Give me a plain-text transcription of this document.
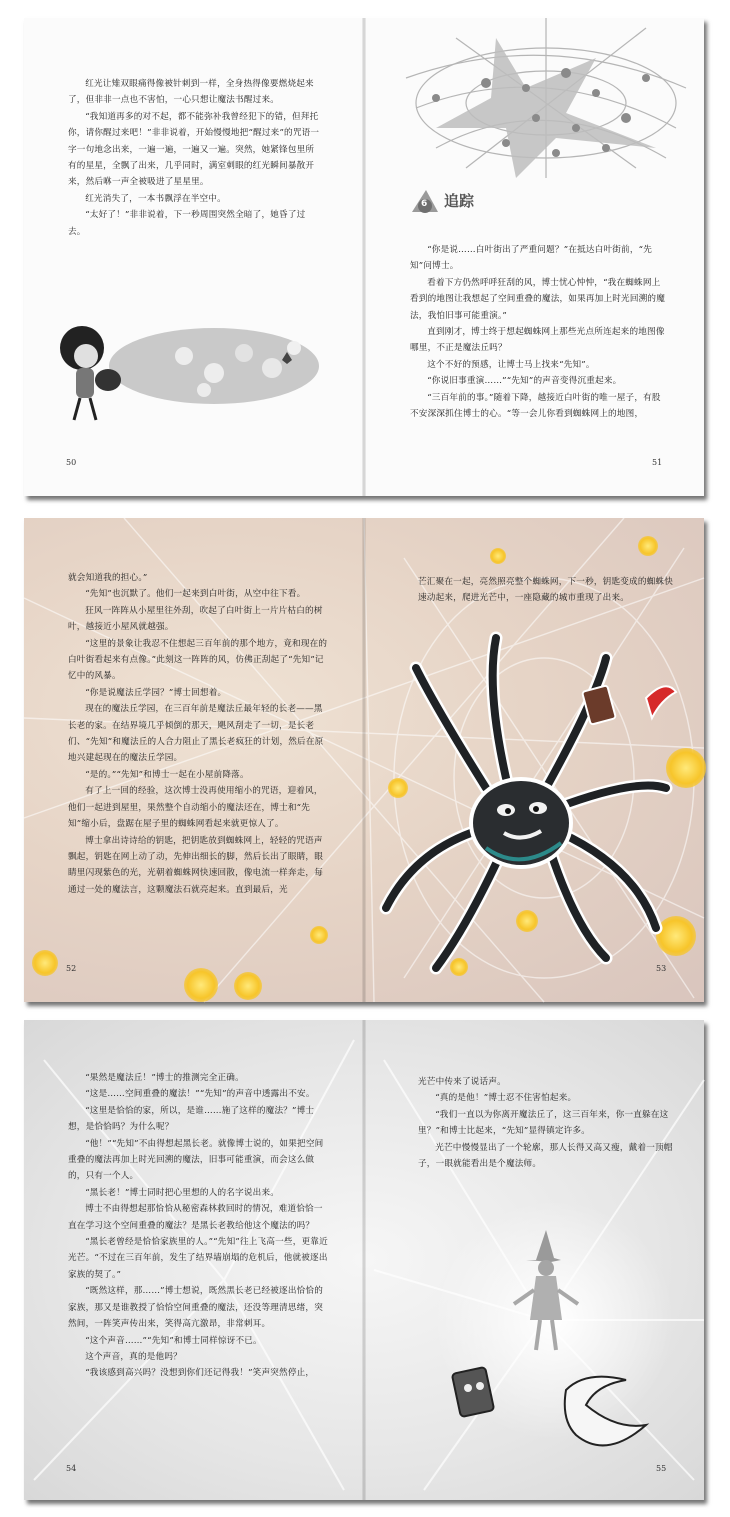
红光让雉双眼痛得像被针刺到一样，全身热得像要燃烧起来了，但非非一点也不害怕，一心只想让魔法书醒过来。

“我知道再多的对不起，都不能弥补我曾经犯下的错，但拜托你，请你醒过来吧！”非非说着，开始慢慢地把“醒过来”的咒语一字一句地念出来，一遍一遍，一遍又一遍。突然，她紧锋包里所有的星星，全飘了出来，几乎同时，满室刺眼的红光瞬间暴散开来，然后咻一声全被吸进了星星里。

红光消失了，一本书飘浮在半空中。

“太好了！”非非说着，下一秒周围突然全暗了，她昏了过去。

50
6 追踪

“你是说……白叶街出了严重问题？”在抵达白叶街前，“先知”问博士。

看着下方仍然呼呼狂刮的风，博士忧心忡忡，“我在蜘蛛网上看到的地图让我想起了空间重叠的魔法，如果再加上时光回溯的魔法，我怕旧事可能重演。”

直到刚才，博士终于想起蜘蛛网上那些光点所连起来的地图像哪里，不正是魔法丘吗？

这个不好的预感，让博士马上找来“先知”。

“你说旧事重演……”“先知”的声音变得沉重起来。

“三百年前的事。”随着下降，越接近白叶街的唯一屋子，有股不安深深抓住博士的心。“等一会儿你看到蜘蛛网上的地图，

51

就会知道我的担心。”

“先知”也沉默了。他们一起来到白叶街，从空中往下看。

狂风一阵阵从小屋里往外刮，吹起了白叶街上一片片枯白的树叶，越接近小屋风就越强。

“这里的景象让我忍不住想起三百年前的那个地方，竟和现在的白叶街看起来有点像。”此刻这一阵阵的风，仿佛正刮起了“先知”记忆中的风暴。

“你是说魔法丘学园？”博士回想着。

现在的魔法丘学园，在三百年前是魔法丘最年轻的长老——黑长老的家。在结界境几乎倾倒的那天，飓风刮走了一切，是长老们、“先知”和魔法丘的人合力阻止了黑长老疯狂的计划，然后在原地兴建起现在的魔法丘学园。

“是的。”“先知”和博士一起在小屋前降落。

有了上一回的经验，这次博士没再使用缩小的咒语，迎着风，他们一起进到屋里，果然整个自动缩小的魔法还在，博士和“先知”缩小后，盘踞在屋子里的蜘蛛网看起来就更惊人了。

博士拿出诗诗给的钥匙，把钥匙放到蜘蛛网上，轻轻的咒语声飘起，钥匙在网上动了动，先伸出细长的脚，然后长出了眼睛，眼睛里闪现紫色的光，光朝着蜘蛛网快速回散，像电流一样奔走，每通过一处的魔法言，这颗魔法石就亮起来。直到最后，光

52

芒汇聚在一起，亮然照亮整个蜘蛛网，下一秒，钥匙变成的蜘蛛快速动起来，爬进光芒中，一座隐藏的城市重现了出来。

53

“果然是魔法丘！”博士的推测完全正确。

“这是……空间重叠的魔法！”“先知”的声音中透露出不安。

“这里是恰恰的家，所以，是谁……施了这样的魔法？”博士想，是恰恰吗？为什么呢？

“他！”“先知”不由得想起黑长老。就像博士说的，如果把空间重叠的魔法再加上时光回溯的魔法，旧事可能重演，而会这么做的，只有一个人。

“黑长老！”博士同时把心里想的人的名字说出来。

博士不由得想起那恰恰从秘密森林救回时的情况，难道恰恰一直在学习这个空间重叠的魔法？是黑长老教给他这个魔法的吗？

“黑长老曾经是恰恰家族里的人。”“先知”往上飞高一些，更靠近光芒。“不过在三百年前，发生了结界墙崩塌的危机后，他就被逐出家族的契了。”

“既然这样，那……”博士想说，既然黑长老已经被逐出恰恰的家族，那又是谁教授了恰恰空间重叠的魔法，还没等理清思绪，突然间，一阵笑声传出来，笑得高亢激昂，非常刺耳。

“这个声音……”“先知”和博士同样惊讶不已。

这个声音，真的是他吗？

“我该感到高兴吗？没想到你们还记得我！”笑声突然停止，

54

光芒中传来了说话声。

“真的是他！”博士忍不住害怕起来。

“我们一直以为你离开魔法丘了，这三百年来，你一直躲在这里？”和博士比起来，“先知”显得镇定许多。

光芒中慢慢显出了一个轮廓，那人长得又高又瘦，戴着一顶帽子，一眼就能看出是个魔法师。

55
